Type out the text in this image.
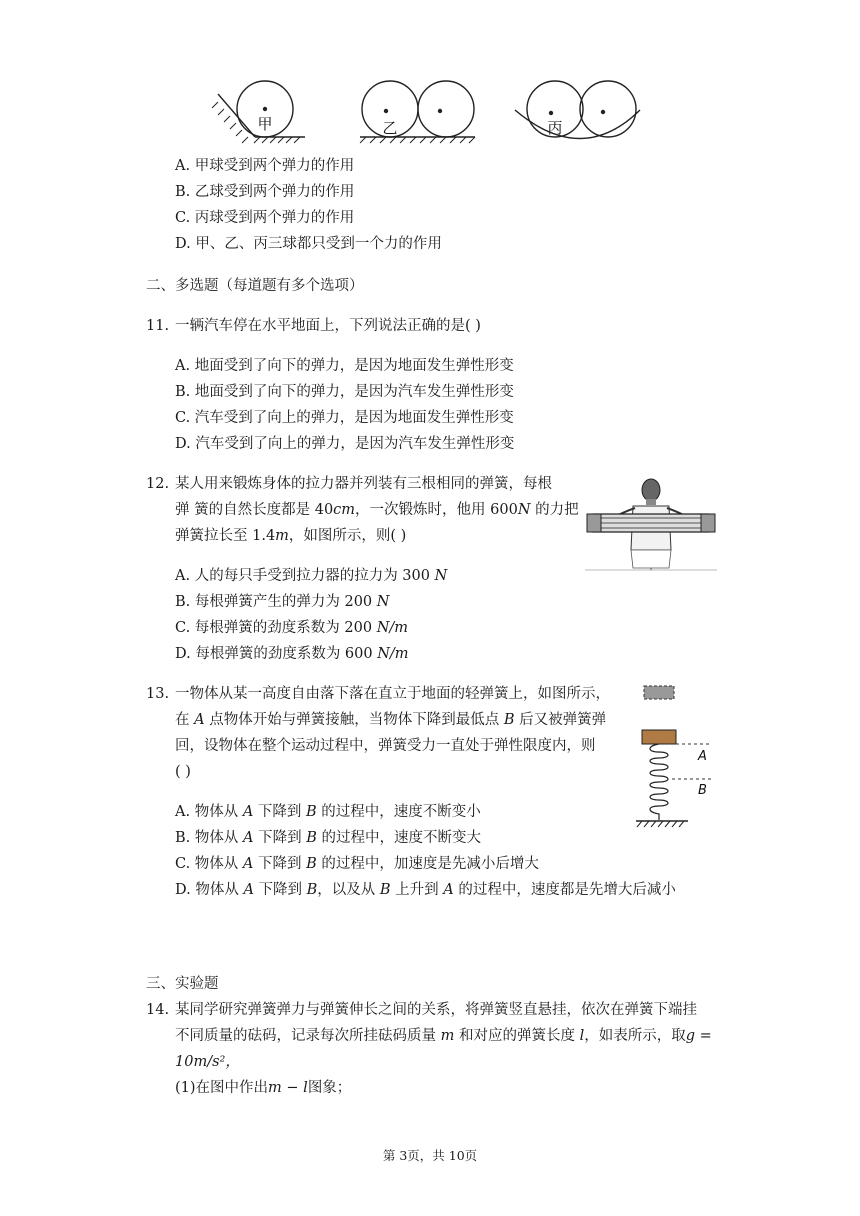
甲	乙	丙
A. 甲球受到两个弹力的作用
B. 乙球受到两个弹力的作用
C. 丙球受到两个弹力的作用
D. 甲、乙、丙三球都只受到一个力的作用
二、多选题（每道题有多个选项）
11. 一辆汽车停在水平地面上，下列说法正确的是( )
A. 地面受到了向下的弹力，是因为地面发生弹性形变
B. 地面受到了向下的弹力，是因为汽车发生弹性形变
C. 汽车受到了向上的弹力，是因为地面发生弹性形变
D. 汽车受到了向上的弹力，是因为汽车发生弹性形变
12. 某人用来锻炼身体的拉力器并列装有三根相同的弹簧，每根
弹 簧的自然长度都是 40cm，一次锻炼时，他用 600N 的力把
弹簧拉长至 1.4m，如图所示，则( )
A. 人的每只手受到拉力器的拉力为 300 N
B. 每根弹簧产生的弹力为 200 N
C. 每根弹簧的劲度系数为 200 N/m
D. 每根弹簧的劲度系数为 600 N/m
13. 一物体从某一高度自由落下落在直立于地面的轻弹簧上，如图所示，
在 A 点物体开始与弹簧接触，当物体下降到最低点 B 后又被弹簧弹
回，设物体在整个运动过程中，弹簧受力一直处于弹性限度内，则
( )
A
B
A. 物体从 A 下降到 B 的过程中，速度不断变小
B. 物体从 A 下降到 B 的过程中，速度不断变大
C. 物体从 A 下降到 B 的过程中，加速度是先减小后增大
D. 物体从 A 下降到 B，以及从 B 上升到 A 的过程中，速度都是先增大后减小
三、实验题
14. 某同学研究弹簧弹力与弹簧伸长之间的关系，将弹簧竖直悬挂，依次在弹簧下端挂
不同质量的砝码，记录每次所挂砝码质量 m 和对应的弹簧长度 l，如表所示，取g =
10m/s²，
(1)在图中作出m − l图象；
第 3页，共 10页
